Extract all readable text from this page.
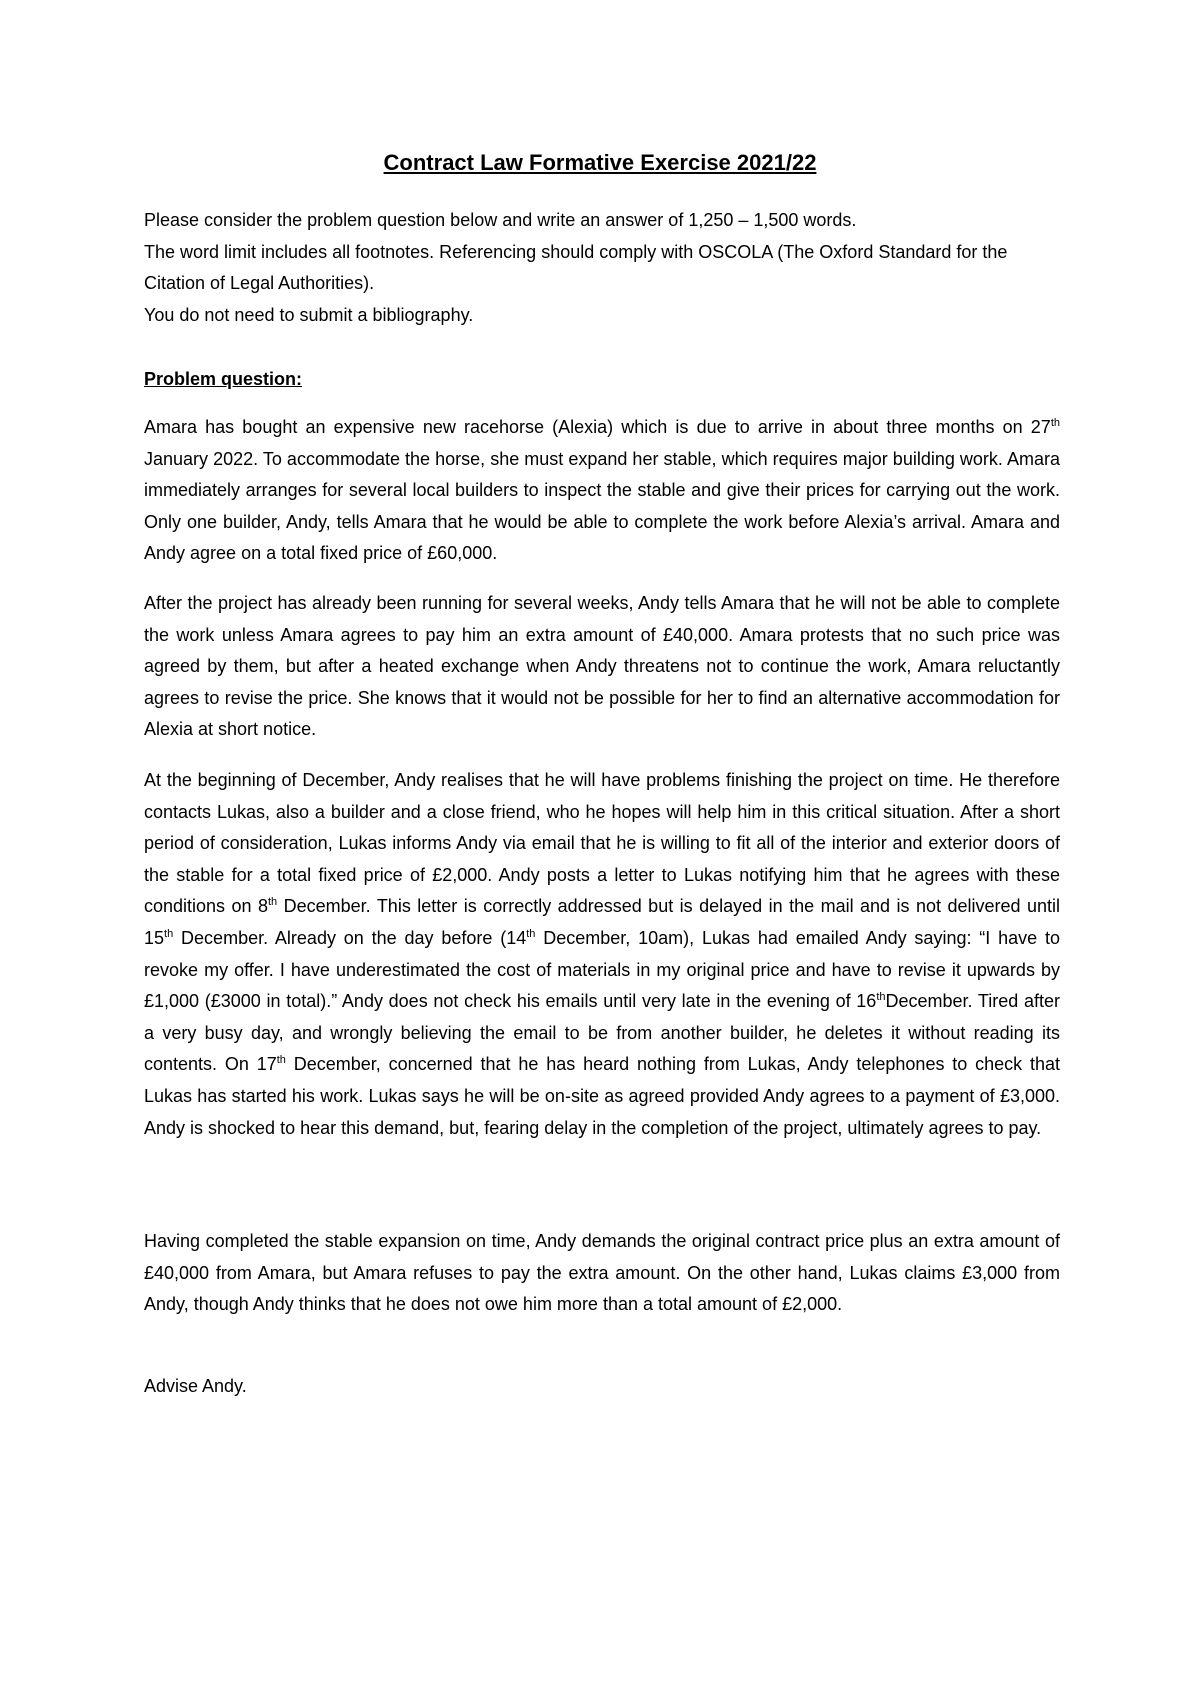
Contract Law Formative Exercise 2021/22

Please consider the problem question below and write an answer of 1,250 – 1,500 words.

The word limit includes all footnotes. Referencing should comply with OSCOLA (The Oxford Standard for the Citation of Legal Authorities).

You do not need to submit a bibliography.

Problem question:

Amara has bought an expensive new racehorse (Alexia) which is due to arrive in about three months on 27th January 2022. To accommodate the horse, she must expand her stable, which requires major building work. Amara immediately arranges for several local builders to inspect the stable and give their prices for carrying out the work. Only one builder, Andy, tells Amara that he would be able to complete the work before Alexia’s arrival. Amara and Andy agree on a total fixed price of £60,000.

After the project has already been running for several weeks, Andy tells Amara that he will not be able to complete the work unless Amara agrees to pay him an extra amount of £40,000. Amara protests that no such price was agreed by them, but after a heated exchange when Andy threatens not to continue the work, Amara reluctantly agrees to revise the price. She knows that it would not be possible for her to find an alternative accommodation for Alexia at short notice.

At the beginning of December, Andy realises that he will have problems finishing the project on time. He therefore contacts Lukas, also a builder and a close friend, who he hopes will help him in this critical situation. After a short period of consideration, Lukas informs Andy via email that he is willing to fit all of the interior and exterior doors of the stable for a total fixed price of £2,000. Andy posts a letter to Lukas notifying him that he agrees with these conditions on 8th December. This letter is correctly addressed but is delayed in the mail and is not delivered until 15th December. Already on the day before (14th December, 10am), Lukas had emailed Andy saying: “I have to revoke my offer. I have underestimated the cost of materials in my original price and have to revise it upwards by £1,000 (£3000 in total).” Andy does not check his emails until very late in the evening of 16thDecember. Tired after a very busy day, and wrongly believing the email to be from another builder, he deletes it without reading its contents. On 17th December, concerned that he has heard nothing from Lukas, Andy telephones to check that Lukas has started his work. Lukas says he will be on-site as agreed provided Andy agrees to a payment of £3,000. Andy is shocked to hear this demand, but, fearing delay in the completion of the project, ultimately agrees to pay.

Having completed the stable expansion on time, Andy demands the original contract price plus an extra amount of £40,000 from Amara, but Amara refuses to pay the extra amount. On the other hand, Lukas claims £3,000 from Andy, though Andy thinks that he does not owe him more than a total amount of £2,000.

Advise Andy.
